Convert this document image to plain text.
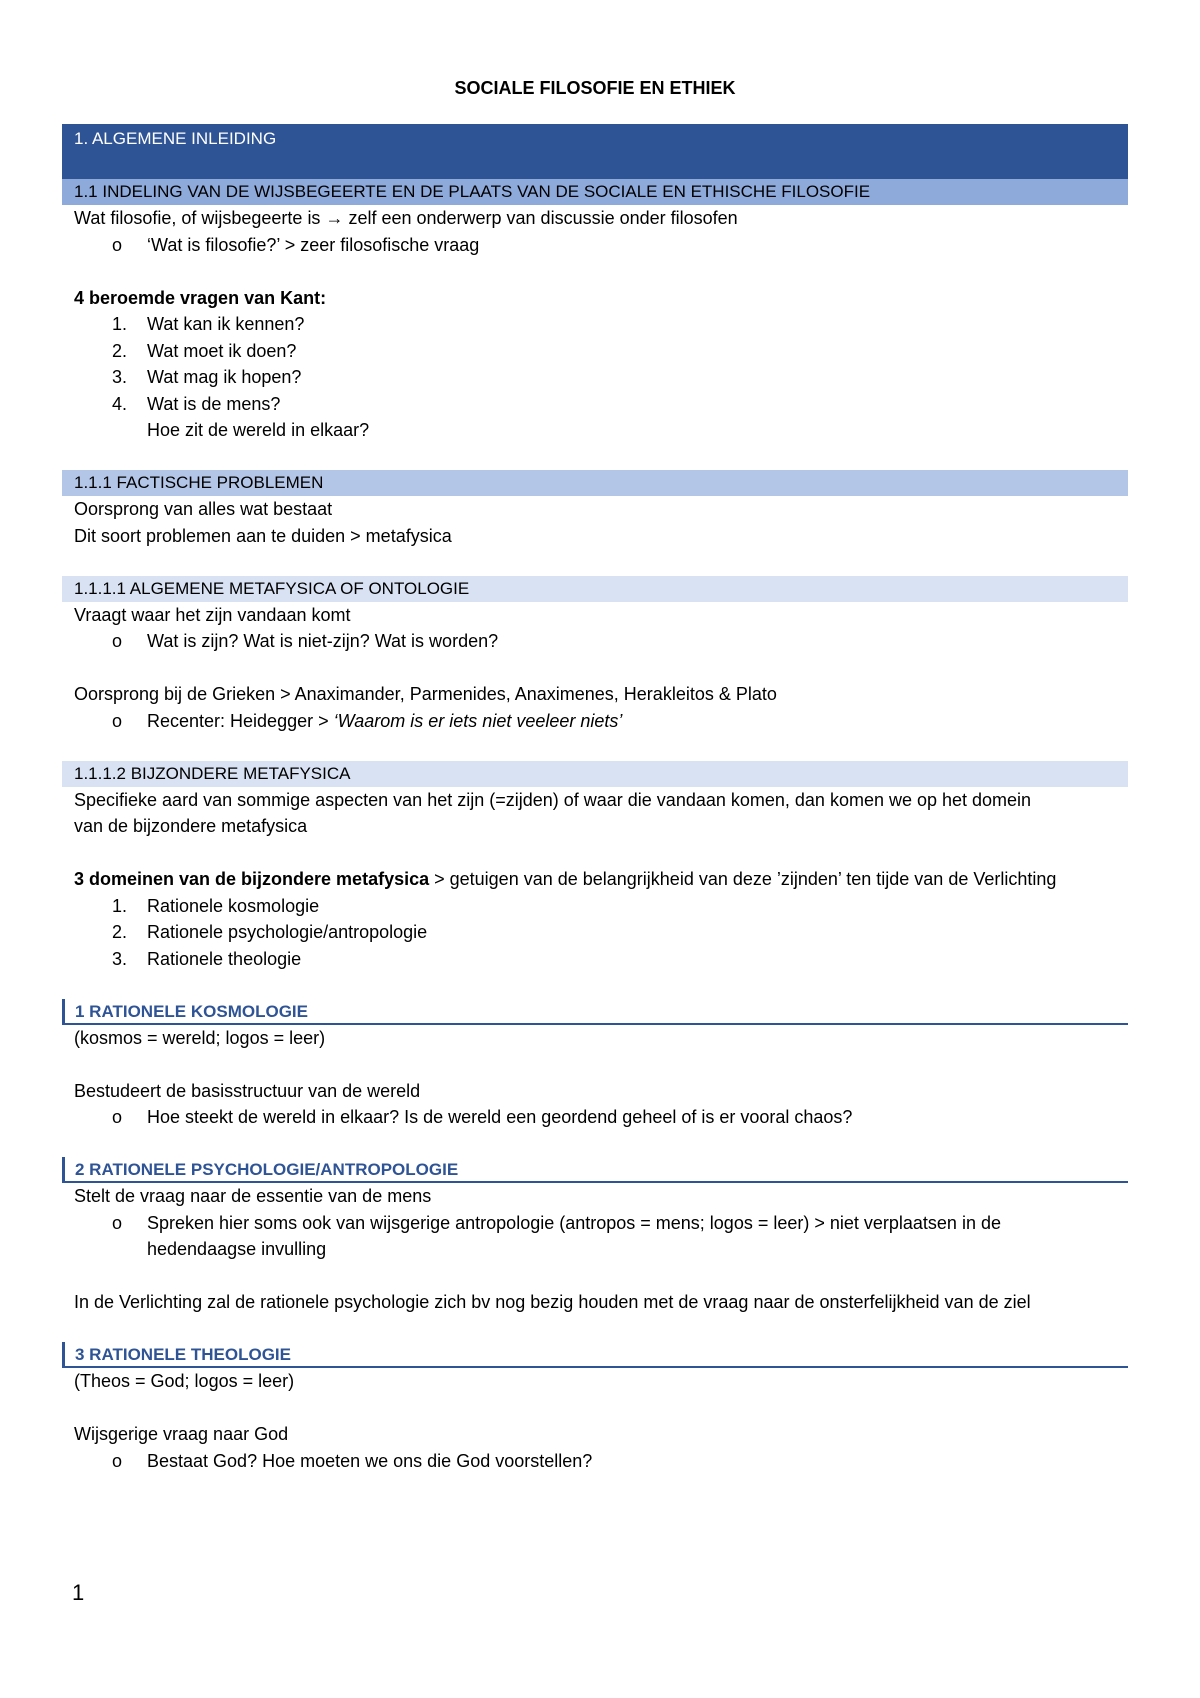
SOCIALE FILOSOFIE EN ETHIEK
1. ALGEMENE INLEIDING
1.1 INDELING VAN DE WIJSBEGEERTE EN DE PLAATS VAN DE SOCIALE EN ETHISCHE FILOSOFIE
Wat filosofie, of wijsbegeerte is → zelf een onderwerp van discussie onder filosofen
o ‘Wat is filosofie?’ > zeer filosofische vraag
4 beroemde vragen van Kant:
1. Wat kan ik kennen?
2. Wat moet ik doen?
3. Wat mag ik hopen?
4. Wat is de mens?
Hoe zit de wereld in elkaar?
1.1.1 FACTISCHE PROBLEMEN
Oorsprong van alles wat bestaat
Dit soort problemen aan te duiden > metafysica
1.1.1.1 ALGEMENE METAFYSICA OF ONTOLOGIE
Vraagt waar het zijn vandaan komt
o Wat is zijn? Wat is niet-zijn? Wat is worden?
Oorsprong bij de Grieken > Anaximander, Parmenides, Anaximenes, Herakleitos & Plato
o Recenter: Heidegger > ‘Waarom is er iets niet veeleer niets’
1.1.1.2 BIJZONDERE METAFYSICA
Specifieke aard van sommige aspecten van het zijn (=zijden) of waar die vandaan komen, dan komen we op het domein
van de bijzondere metafysica
3 domeinen van de bijzondere metafysica > getuigen van de belangrijkheid van deze ’zijnden’ ten tijde van de Verlichting
1. Rationele kosmologie
2. Rationele psychologie/antropologie
3. Rationele theologie
1 RATIONELE KOSMOLOGIE
(kosmos = wereld; logos = leer)
Bestudeert de basisstructuur van de wereld
o Hoe steekt de wereld in elkaar? Is de wereld een geordend geheel of is er vooral chaos?
2 RATIONELE PSYCHOLOGIE/ANTROPOLOGIE
Stelt de vraag naar de essentie van de mens
o Spreken hier soms ook van wijsgerige antropologie (antropos = mens; logos = leer) > niet verplaatsen in de
hedendaagse invulling
In de Verlichting zal de rationele psychologie zich bv nog bezig houden met de vraag naar de onsterfelijkheid van de ziel
3 RATIONELE THEOLOGIE
(Theos = God; logos = leer)
Wijsgerige vraag naar God
o Bestaat God? Hoe moeten we ons die God voorstellen?
1
